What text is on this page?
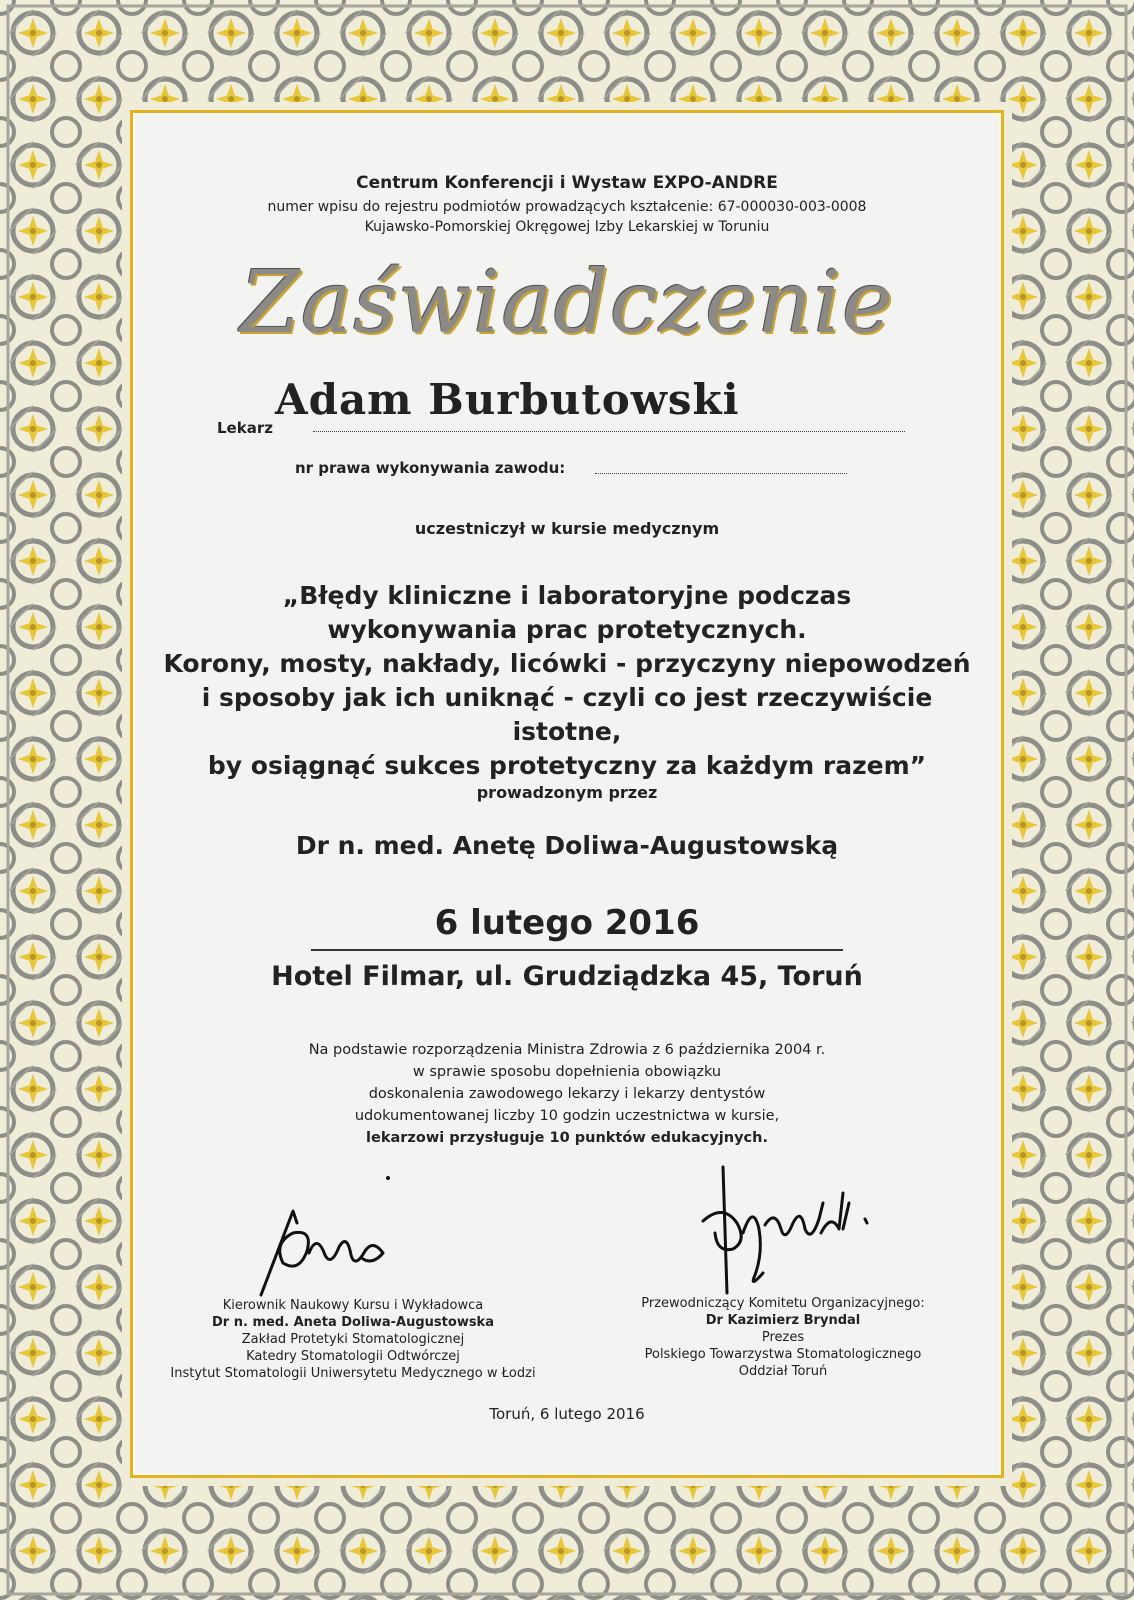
Centrum Konferencji i Wystaw EXPO-ANDRE
numer wpisu do rejestru podmiotów prowadzących kształcenie: 67-000030-003-0008
Kujawsko-Pomorskiej Okręgowej Izby Lekarskiej w Toruniu
Zaświadczenie
Lekarz
Adam Burbutowski
nr prawa wykonywania zawodu:
uczestniczył w kursie medycznym
„Błędy kliniczne i laboratoryjne podczas
wykonywania prac protetycznych.
Korony, mosty, nakłady, licówki - przyczyny niepowodzeń
i sposoby jak ich uniknąć - czyli co jest rzeczywiście istotne,
by osiągnąć sukces protetyczny za każdym razem”
prowadzonym przez
Dr n. med. Anetę Doliwa-Augustowską
6 lutego 2016
Hotel Filmar, ul. Grudziądzka 45, Toruń
Na podstawie rozporządzenia Ministra Zdrowia z 6 października 2004 r.
w sprawie sposobu dopełnienia obowiązku
doskonalenia zawodowego lekarzy i lekarzy dentystów
udokumentowanej liczby 10 godzin uczestnictwa w kursie,
lekarzowi przysługuje 10 punktów edukacyjnych.
Kierownik Naukowy Kursu i Wykładowca
Dr n. med. Aneta Doliwa-Augustowska
Zakład Protetyki Stomatologicznej
Katedry Stomatologii Odtwórczej
Instytut Stomatologii Uniwersytetu Medycznego w Łodzi
Przewodniczący Komitetu Organizacyjnego:
Dr Kazimierz Bryndal
Prezes
Polskiego Towarzystwa Stomatologicznego
Oddział Toruń
Toruń, 6 lutego 2016
